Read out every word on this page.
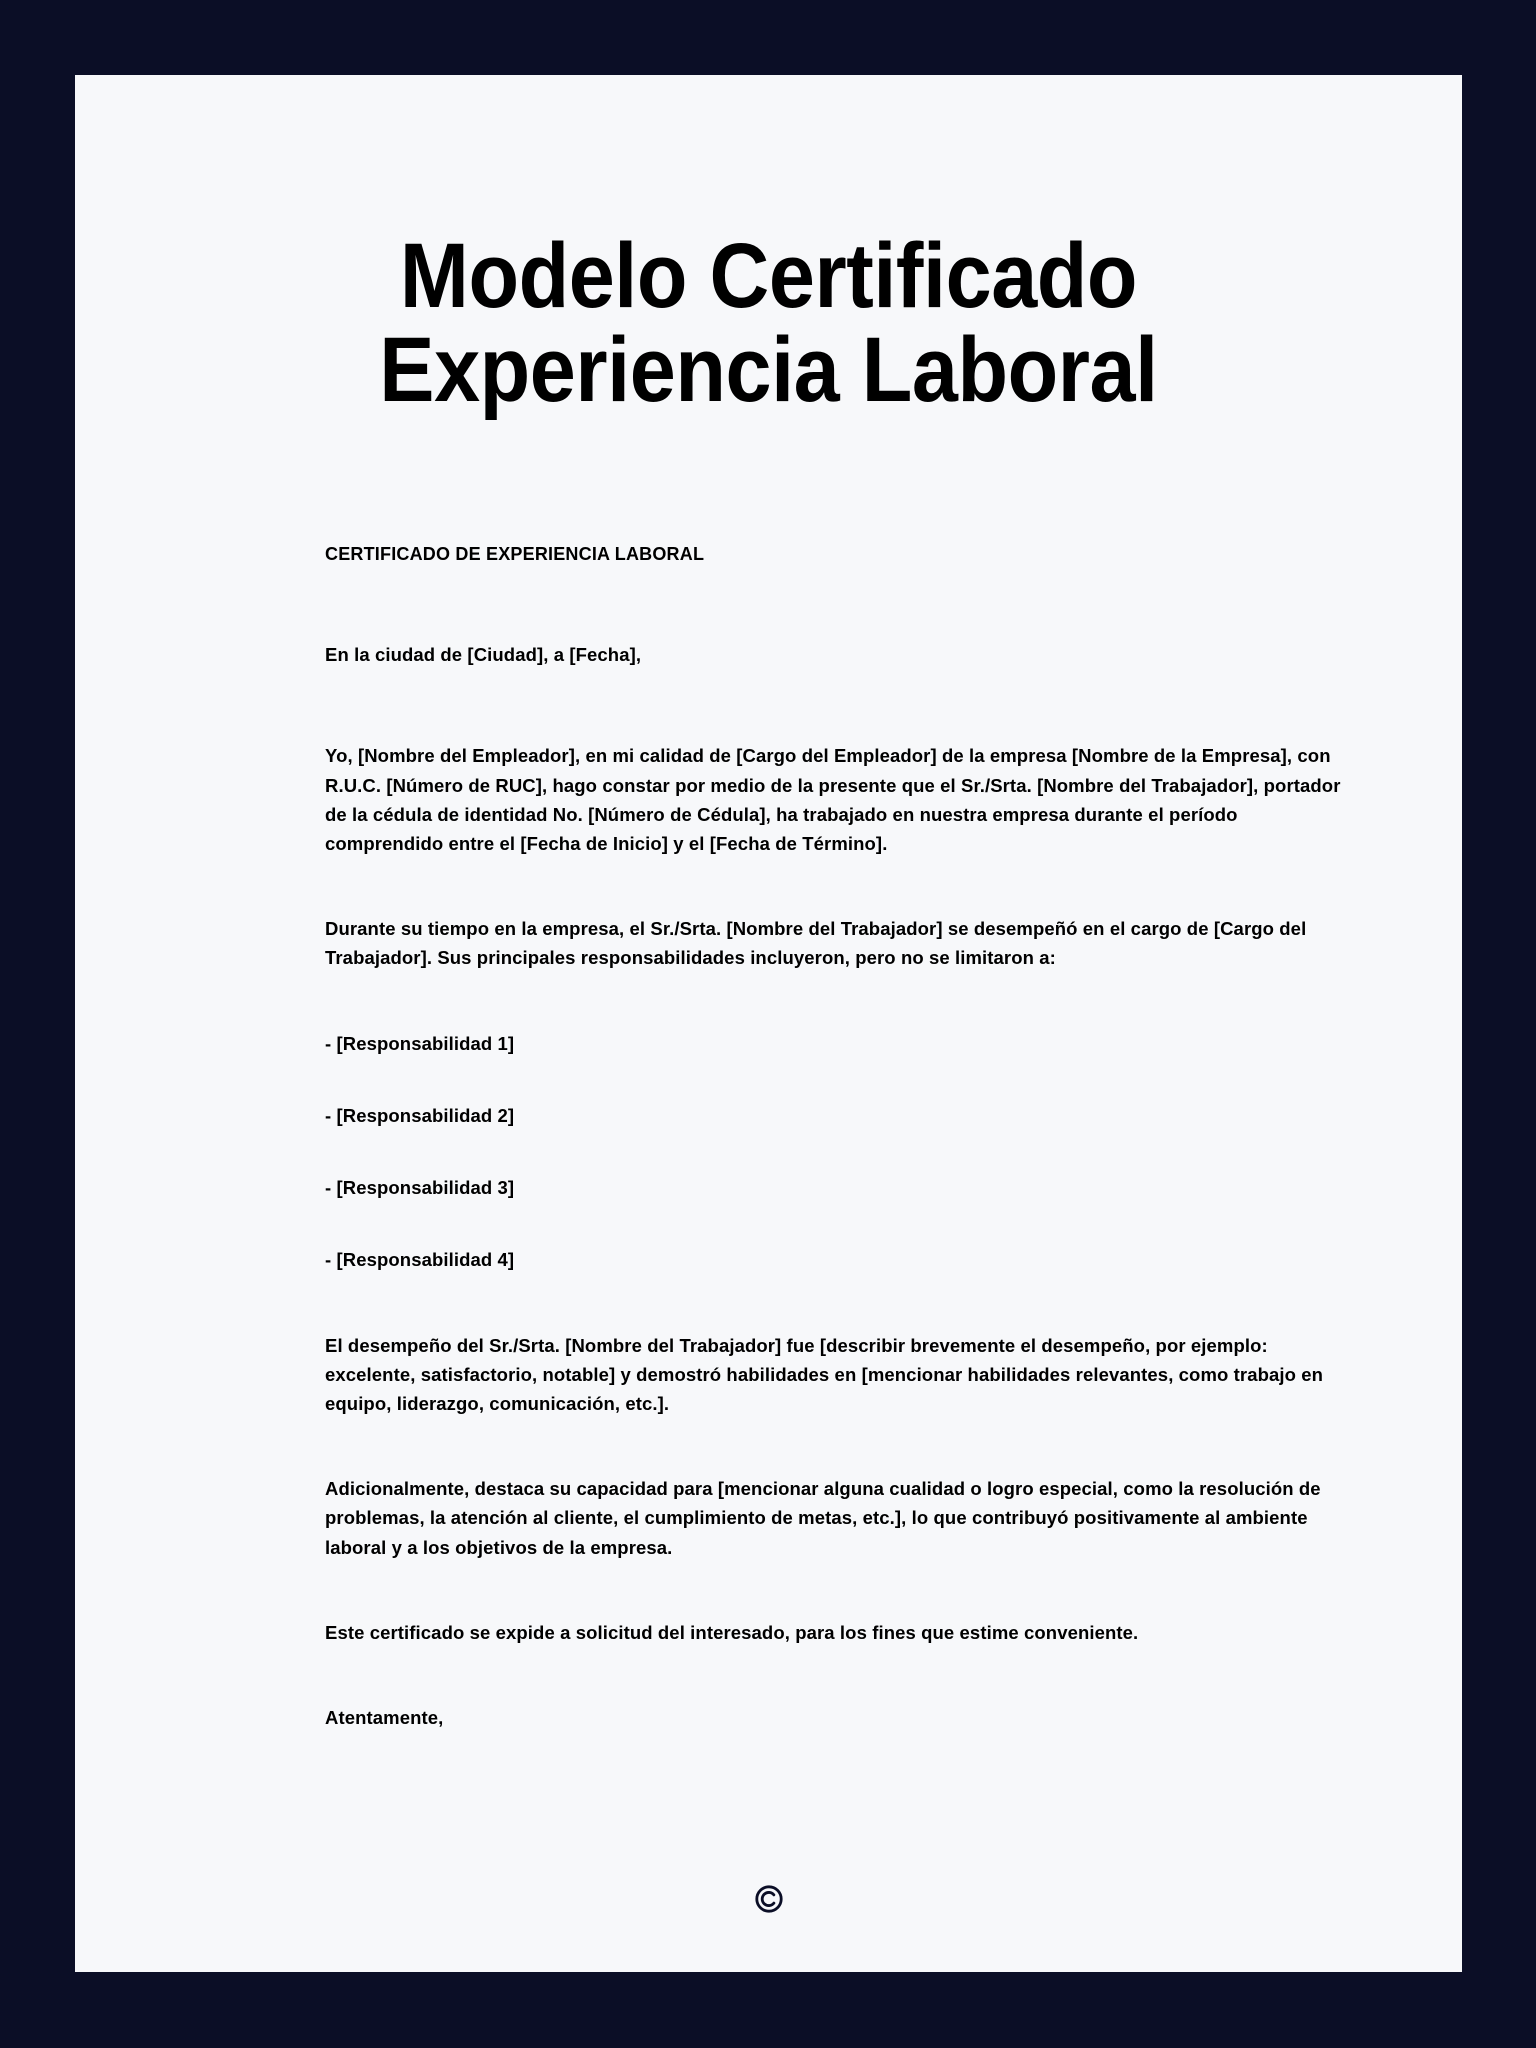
Modelo Certificado Experiencia Laboral

CERTIFICADO DE EXPERIENCIA LABORAL

En la ciudad de [Ciudad], a [Fecha],

Yo, [Nombre del Empleador], en mi calidad de [Cargo del Empleador] de la empresa [Nombre de la Empresa], con R.U.C. [Número de RUC], hago constar por medio de la presente que el Sr./Srta. [Nombre del Trabajador], portador de la cédula de identidad No. [Número de Cédula], ha trabajado en nuestra empresa durante el período comprendido entre el [Fecha de Inicio] y el [Fecha de Término].

Durante su tiempo en la empresa, el Sr./Srta. [Nombre del Trabajador] se desempeñó en el cargo de [Cargo del Trabajador]. Sus principales responsabilidades incluyeron, pero no se limitaron a:

- [Responsabilidad 1]

- [Responsabilidad 2]

- [Responsabilidad 3]

- [Responsabilidad 4]

El desempeño del Sr./Srta. [Nombre del Trabajador] fue [describir brevemente el desempeño, por ejemplo: excelente, satisfactorio, notable] y demostró habilidades en [mencionar habilidades relevantes, como trabajo en equipo, liderazgo, comunicación, etc.].

Adicionalmente, destaca su capacidad para [mencionar alguna cualidad o logro especial, como la resolución de problemas, la atención al cliente, el cumplimiento de metas, etc.], lo que contribuyó positivamente al ambiente laboral y a los objetivos de la empresa.

Este certificado se expide a solicitud del interesado, para los fines que estime conveniente.

Atentamente,
